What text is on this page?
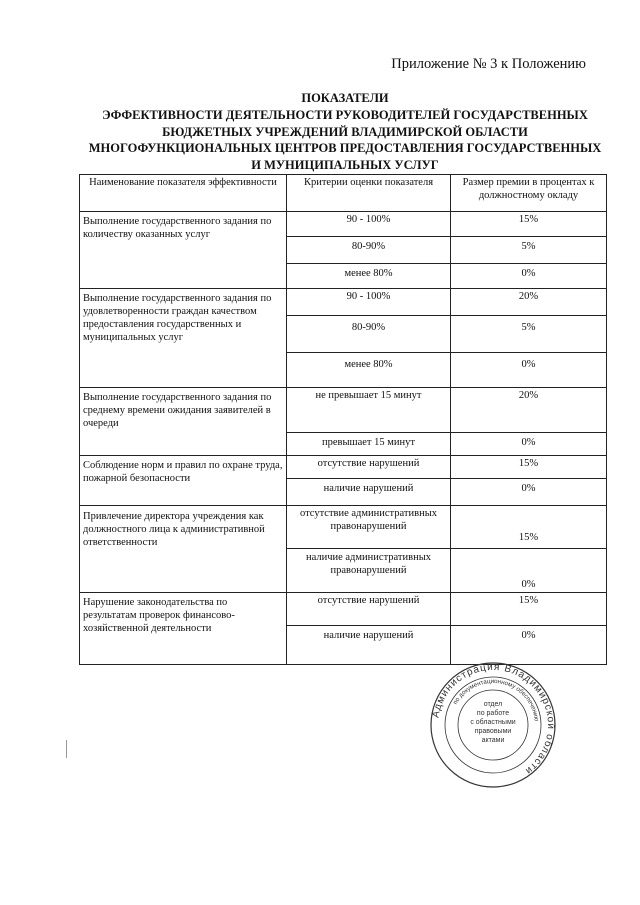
Приложение № 3 к Положению
ПОКАЗАТЕЛИ
ЭФФЕКТИВНОСТИ ДЕЯТЕЛЬНОСТИ РУКОВОДИТЕЛЕЙ ГОСУДАРСТВЕННЫХ
БЮДЖЕТНЫХ УЧРЕЖДЕНИЙ ВЛАДИМИРСКОЙ ОБЛАСТИ
МНОГОФУНКЦИОНАЛЬНЫХ ЦЕНТРОВ ПРЕДОСТАВЛЕНИЯ ГОСУДАРСТВЕННЫХ
И МУНИЦИПАЛЬНЫХ УСЛУГ
Наименование показателя эффективности	Критерии оценки показателя	Размер премии в процентах к должностному окладу
Выполнение государственного задания по количеству оказанных услуг	90 - 100%	15%
	80-90%	5%
	менее 80%	0%
Выполнение государственного задания по удовлетворенности граждан качеством предоставления государственных и муниципальных услуг	90 - 100%	20%
	80-90%	5%
	менее 80%	0%
Выполнение государственного задания по среднему времени ожидания заявителей в очереди	не превышает 15 минут	20%
	превышает 15 минут	0%
Соблюдение норм и правил по охране труда, пожарной безопасности	отсутствие нарушений	15%
	наличие нарушений	0%
Привлечение директора учреждения как должностного лица к административной ответственности	отсутствие административных правонарушений	15%
	наличие административных правонарушений	0%
Нарушение законодательства по результатам проверок финансово-хозяйственной деятельности	отсутствие нарушений	15%
	наличие нарушений	0%
Администрация Владимирской области
по документационному обеспечению
отдел
по работе
с областными
правовыми
актами
